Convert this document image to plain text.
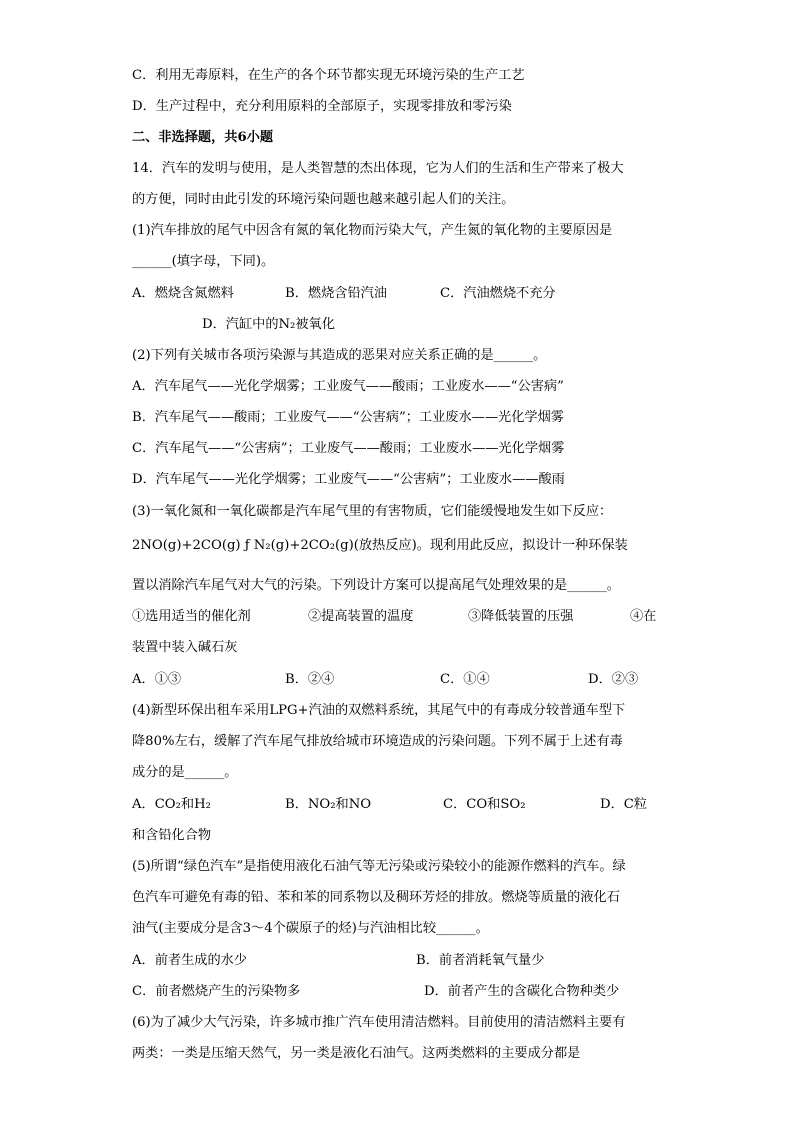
C．利用无毒原料，在生产的各个环节都实现无环境污染的生产工艺
D．生产过程中，充分利用原料的全部原子，实现零排放和零污染
二、非选择题，共6小题
14．汽车的发明与使用，是人类智慧的杰出体现，它为人们的生活和生产带来了极大
的方便，同时由此引发的环境污染问题也越来越引起人们的关注。
(1)汽车排放的尾气中因含有氮的氧化物而污染大气，产生氮的氧化物的主要原因是
______(填字母，下同)。
A．燃烧含氮燃料	B．燃烧含铅汽油	C．汽油燃烧不充分
D．汽缸中的N₂被氧化
(2)下列有关城市各项污染源与其造成的恶果对应关系正确的是______。
A．汽车尾气——光化学烟雾；工业废气——酸雨；工业废水——“公害病”
B．汽车尾气——酸雨；工业废气——“公害病”；工业废水——光化学烟雾
C．汽车尾气——“公害病”；工业废气——酸雨；工业废水——光化学烟雾
D．汽车尾气——光化学烟雾；工业废气——“公害病”；工业废水——酸雨
(3)一氧化氮和一氧化碳都是汽车尾气里的有害物质，它们能缓慢地发生如下反应：
2NO(g)+2CO(g) ƒ N₂(g)+2CO₂(g)(放热反应)。现利用此反应，拟设计一种环保装
置以消除汽车尾气对大气的污染。下列设计方案可以提高尾气处理效果的是______。
①选用适当的催化剂	②提高装置的温度	③降低装置的压强	④在
装置中装入碱石灰
A．①③	B．②④	C．①④	D．②③
(4)新型环保出租车采用LPG+汽油的双燃料系统，其尾气中的有毒成分较普通车型下
降80%左右，缓解了汽车尾气排放给城市环境造成的污染问题。下列不属于上述有毒
成分的是______。
A．CO₂和H₂	B．NO₂和NO	C．CO和SO₂	D．C粒
和含铅化合物
(5)所谓“绿色汽车”是指使用液化石油气等无污染或污染较小的能源作燃料的汽车。绿
色汽车可避免有毒的铅、苯和苯的同系物以及稠环芳烃的排放。燃烧等质量的液化石
油气(主要成分是含3～4个碳原子的烃)与汽油相比较______。
A．前者生成的水少	B．前者消耗氧气量少
C．前者燃烧产生的污染物多	D．前者产生的含碳化合物种类少
(6)为了减少大气污染，许多城市推广汽车使用清洁燃料。目前使用的清洁燃料主要有
两类：一类是压缩天然气，另一类是液化石油气。这两类燃料的主要成分都是
